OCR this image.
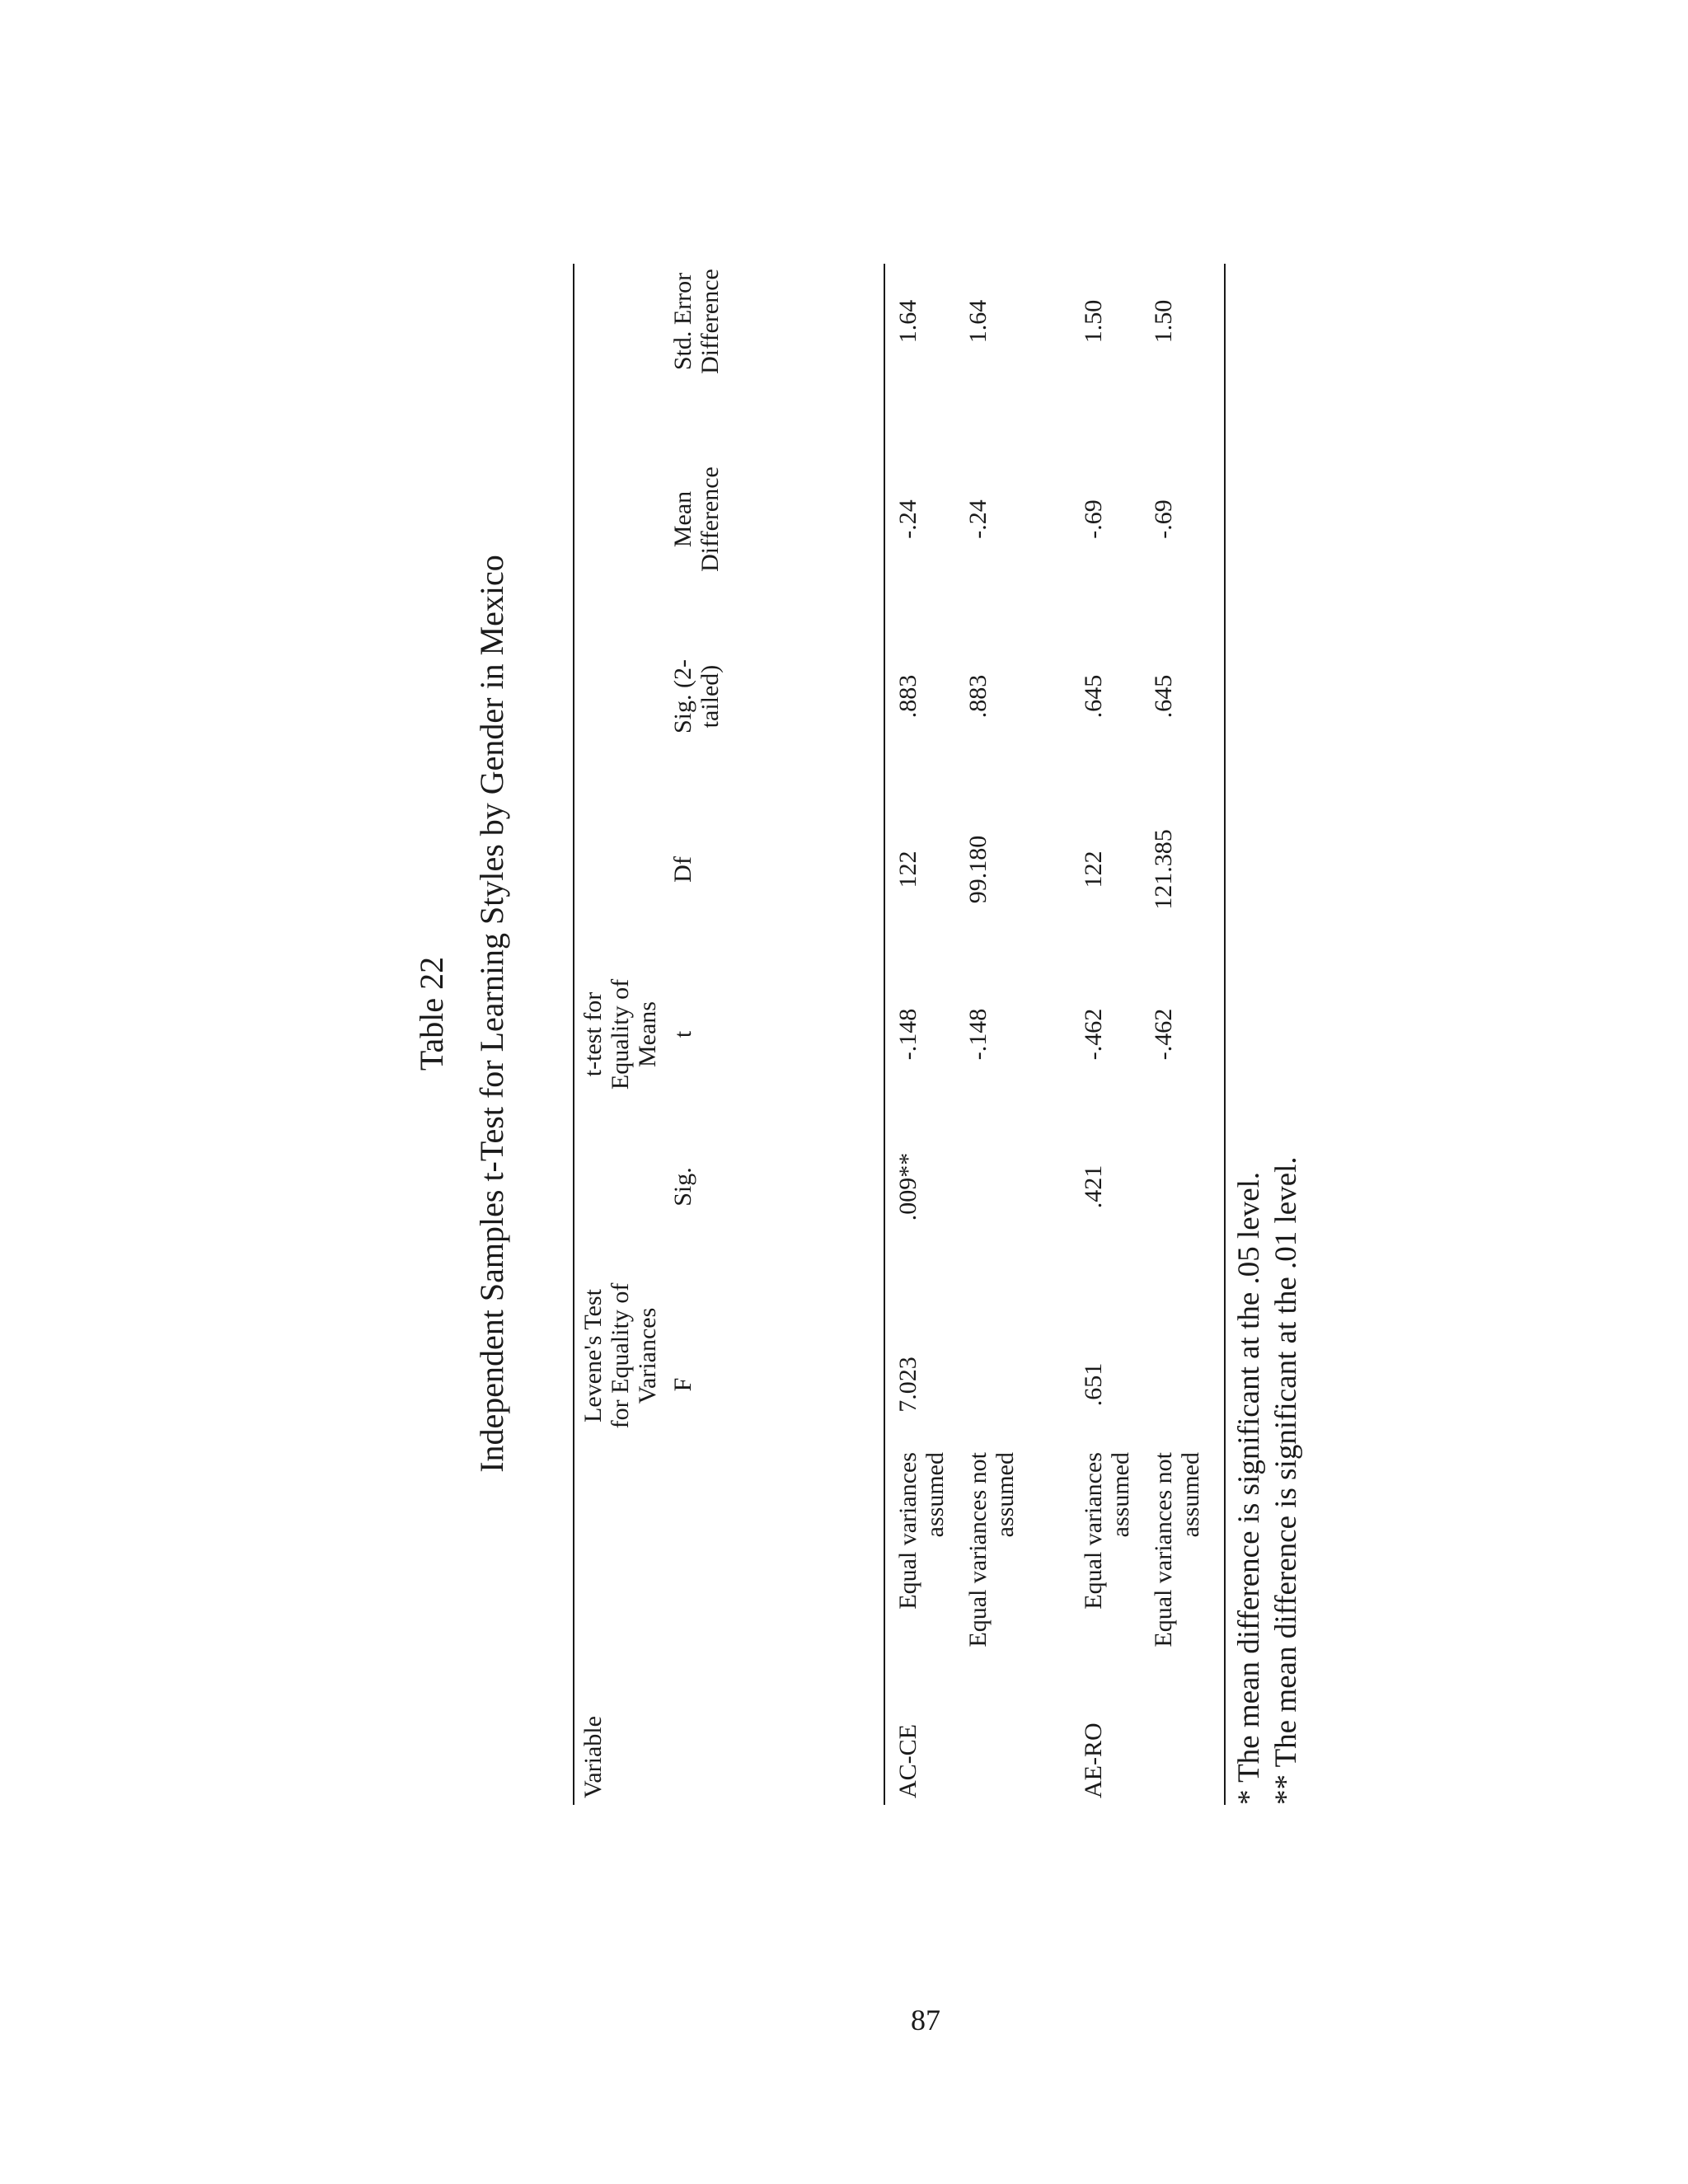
Table 22 Independent Samples t-Test for Learning Styles by Gender in Mexico
Variable
Levene's Test for Equality of Variances F
Sig.
t-test for Equality of Means t
Df
Sig. (2-tailed)
Mean Difference
Std. Error Difference
AC-CE
Equal variances assumed
7.023
.009**
-.148
122
.883
-.24
1.64
Equal variances not assumed
-.148
99.180
.883
-.24
1.64
AE-RO
Equal variances assumed
.651
.421
-.462
122
.645
-.69
1.50
Equal variances not assumed
-.462
121.385
.645
-.69
1.50
* The mean difference is significant at the .05 level. ** The mean difference is significant at the .01 level.
87
